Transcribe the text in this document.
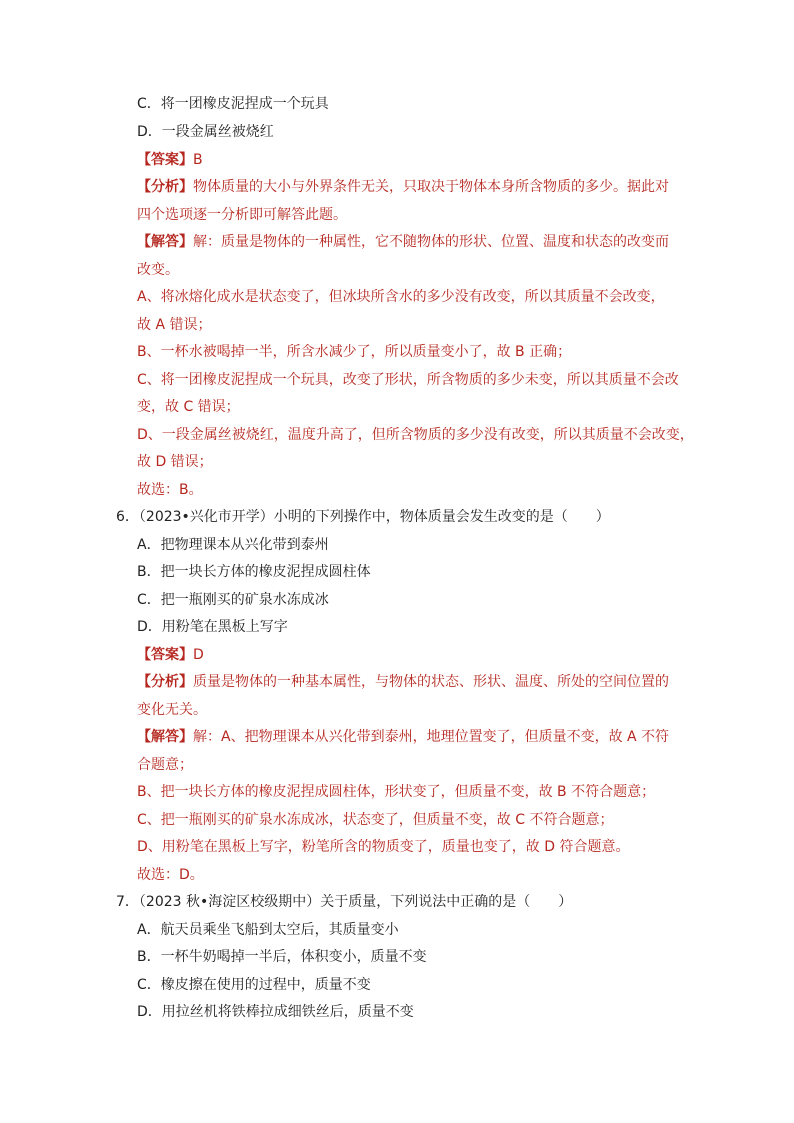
C．将一团橡皮泥捏成一个玩具
D．一段金属丝被烧红
【答案】B
【分析】物体质量的大小与外界条件无关，只取决于物体本身所含物质的多少。据此对
四个选项逐一分析即可解答此题。
【解答】解：质量是物体的一种属性，它不随物体的形状、位置、温度和状态的改变而
改变。
A、将冰熔化成水是状态变了，但冰块所含水的多少没有改变，所以其质量不会改变，
故 A 错误；
B、一杯水被喝掉一半，所含水减少了，所以质量变小了，故 B 正确；
C、将一团橡皮泥捏成一个玩具，改变了形状，所含物质的多少未变，所以其质量不会改
变，故 C 错误；
D、一段金属丝被烧红，温度升高了，但所含物质的多少没有改变，所以其质量不会改变，
故 D 错误；
故选：B。
6．（2023•兴化市开学）小明的下列操作中，物体质量会发生改变的是（　　）
A．把物理课本从兴化带到泰州
B．把一块长方体的橡皮泥捏成圆柱体
C．把一瓶刚买的矿泉水冻成冰
D．用粉笔在黑板上写字
【答案】D
【分析】质量是物体的一种基本属性，与物体的状态、形状、温度、所处的空间位置的
变化无关。
【解答】解：A、把物理课本从兴化带到泰州，地理位置变了，但质量不变，故 A 不符
合题意；
B、把一块长方体的橡皮泥捏成圆柱体，形状变了，但质量不变，故 B 不符合题意；
C、把一瓶刚买的矿泉水冻成冰，状态变了，但质量不变，故 C 不符合题意；
D、用粉笔在黑板上写字，粉笔所含的物质变了，质量也变了，故 D 符合题意。
故选：D。
7．（2023 秋•海淀区校级期中）关于质量，下列说法中正确的是（　　）
A．航天员乘坐飞船到太空后，其质量变小
B．一杯牛奶喝掉一半后，体积变小，质量不变
C．橡皮擦在使用的过程中，质量不变
D．用拉丝机将铁棒拉成细铁丝后，质量不变
